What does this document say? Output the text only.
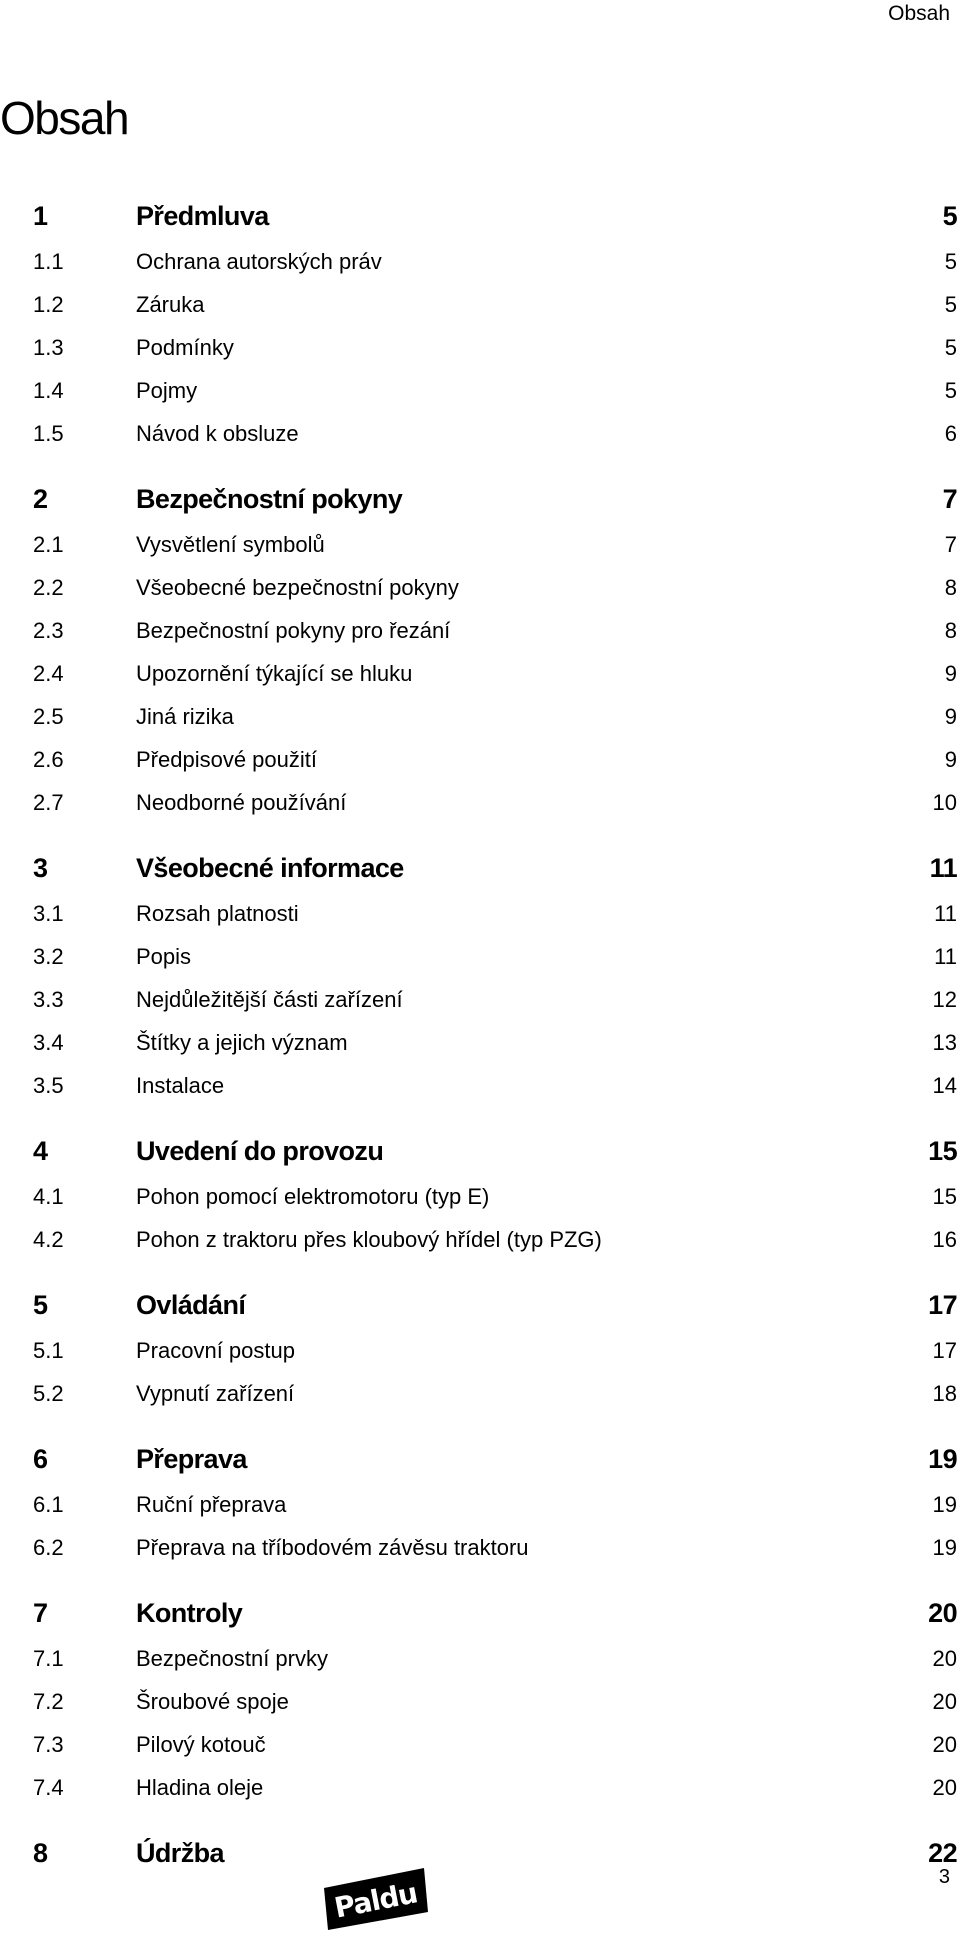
Obsah
Obsah
1	Předmluva	5
1.1	Ochrana autorských práv	5
1.2	Záruka	5
1.3	Podmínky	5
1.4	Pojmy	5
1.5	Návod k obsluze	6
2	Bezpečnostní pokyny	7
2.1	Vysvětlení symbolů	7
2.2	Všeobecné bezpečnostní pokyny	8
2.3	Bezpečnostní pokyny pro řezání	8
2.4	Upozornění týkající se hluku	9
2.5	Jiná rizika	9
2.6	Předpisové použití	9
2.7	Neodborné používání	10
3	Všeobecné informace	11
3.1	Rozsah platnosti	11
3.2	Popis	11
3.3	Nejdůležitější části zařízení	12
3.4	Štítky a jejich význam	13
3.5	Instalace	14
4	Uvedení do provozu	15
4.1	Pohon pomocí elektromotoru (typ E)	15
4.2	Pohon z traktoru přes kloubový hřídel (typ PZG)	16
5	Ovládání	17
5.1	Pracovní postup	17
5.2	Vypnutí zařízení	18
6	Přeprava	19
6.1	Ruční přeprava	19
6.2	Přeprava na tříbodovém závěsu traktoru	19
7	Kontroly	20
7.1	Bezpečnostní prvky	20
7.2	Šroubové spoje	20
7.3	Pilový kotouč	20
7.4	Hladina oleje	20
8	Údržba	22
Paldu	3
